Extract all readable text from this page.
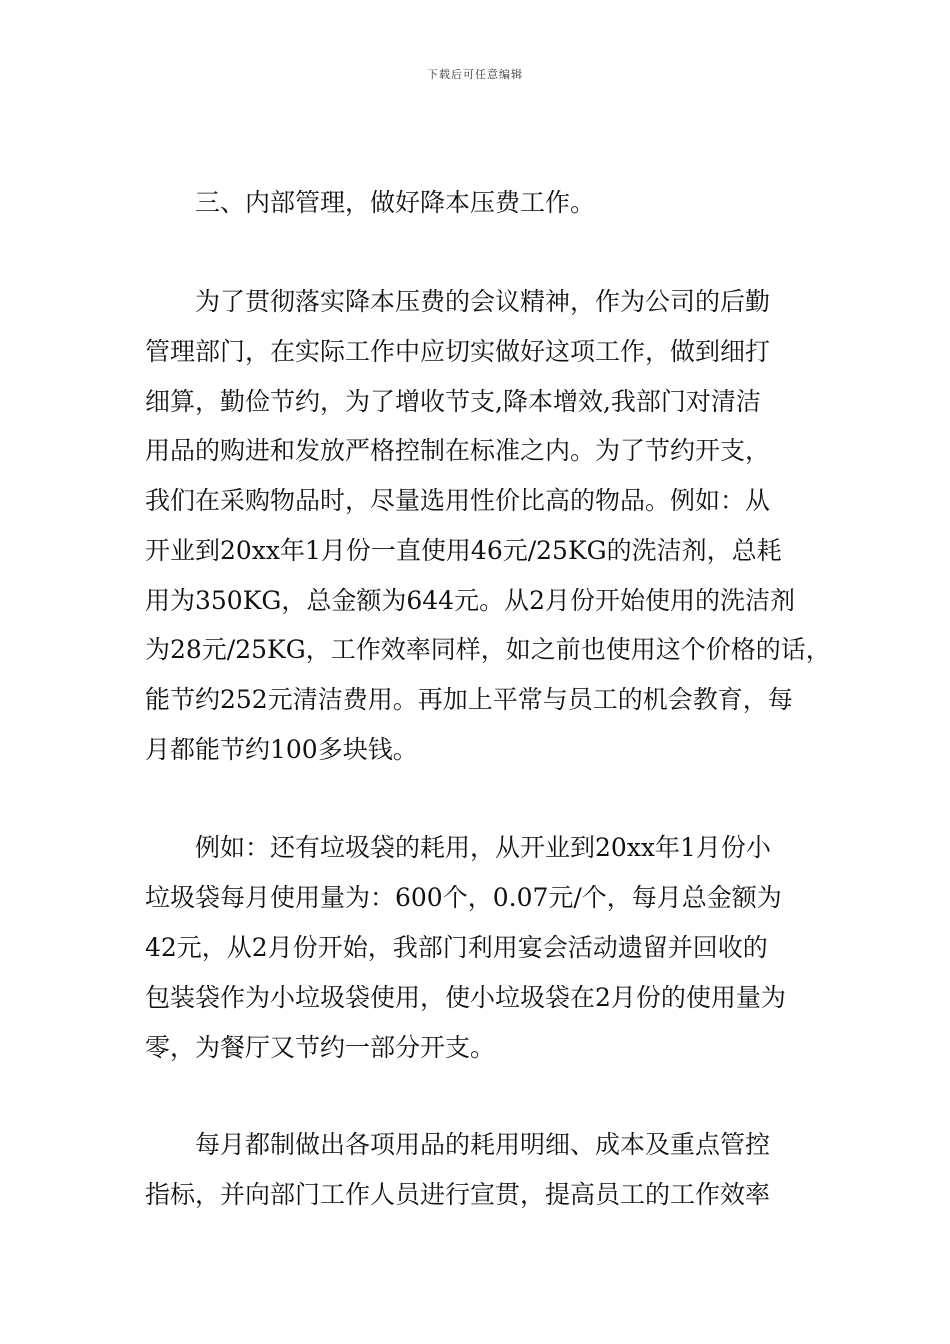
下载后可任意编辑
三、内部管理，做好降本压费工作。
为了贯彻落实降本压费的会议精神，作为公司的后勤
管理部门，在实际工作中应切实做好这项工作，做到细打
细算，勤俭节约，为了增收节支,降本增效,我部门对清洁
用品的购进和发放严格控制在标准之内。为了节约开支，
我们在采购物品时，尽量选用性价比高的物品。例如：从
开业到20xx年1月份一直使用46元/25KG的洗洁剂，总耗
用为350KG，总金额为644元。从2月份开始使用的洗洁剂
为28元/25KG，工作效率同样，如之前也使用这个价格的话，
能节约252元清洁费用。再加上平常与员工的机会教育，每
月都能节约100多块钱。
例如：还有垃圾袋的耗用，从开业到20xx年1月份小
垃圾袋每月使用量为：600个，0.07元/个，每月总金额为
42元，从2月份开始，我部门利用宴会活动遗留并回收的
包装袋作为小垃圾袋使用，使小垃圾袋在2月份的使用量为
零，为餐厅又节约一部分开支。
每月都制做出各项用品的耗用明细、成本及重点管控
指标，并向部门工作人员进行宣贯，提高员工的工作效率
